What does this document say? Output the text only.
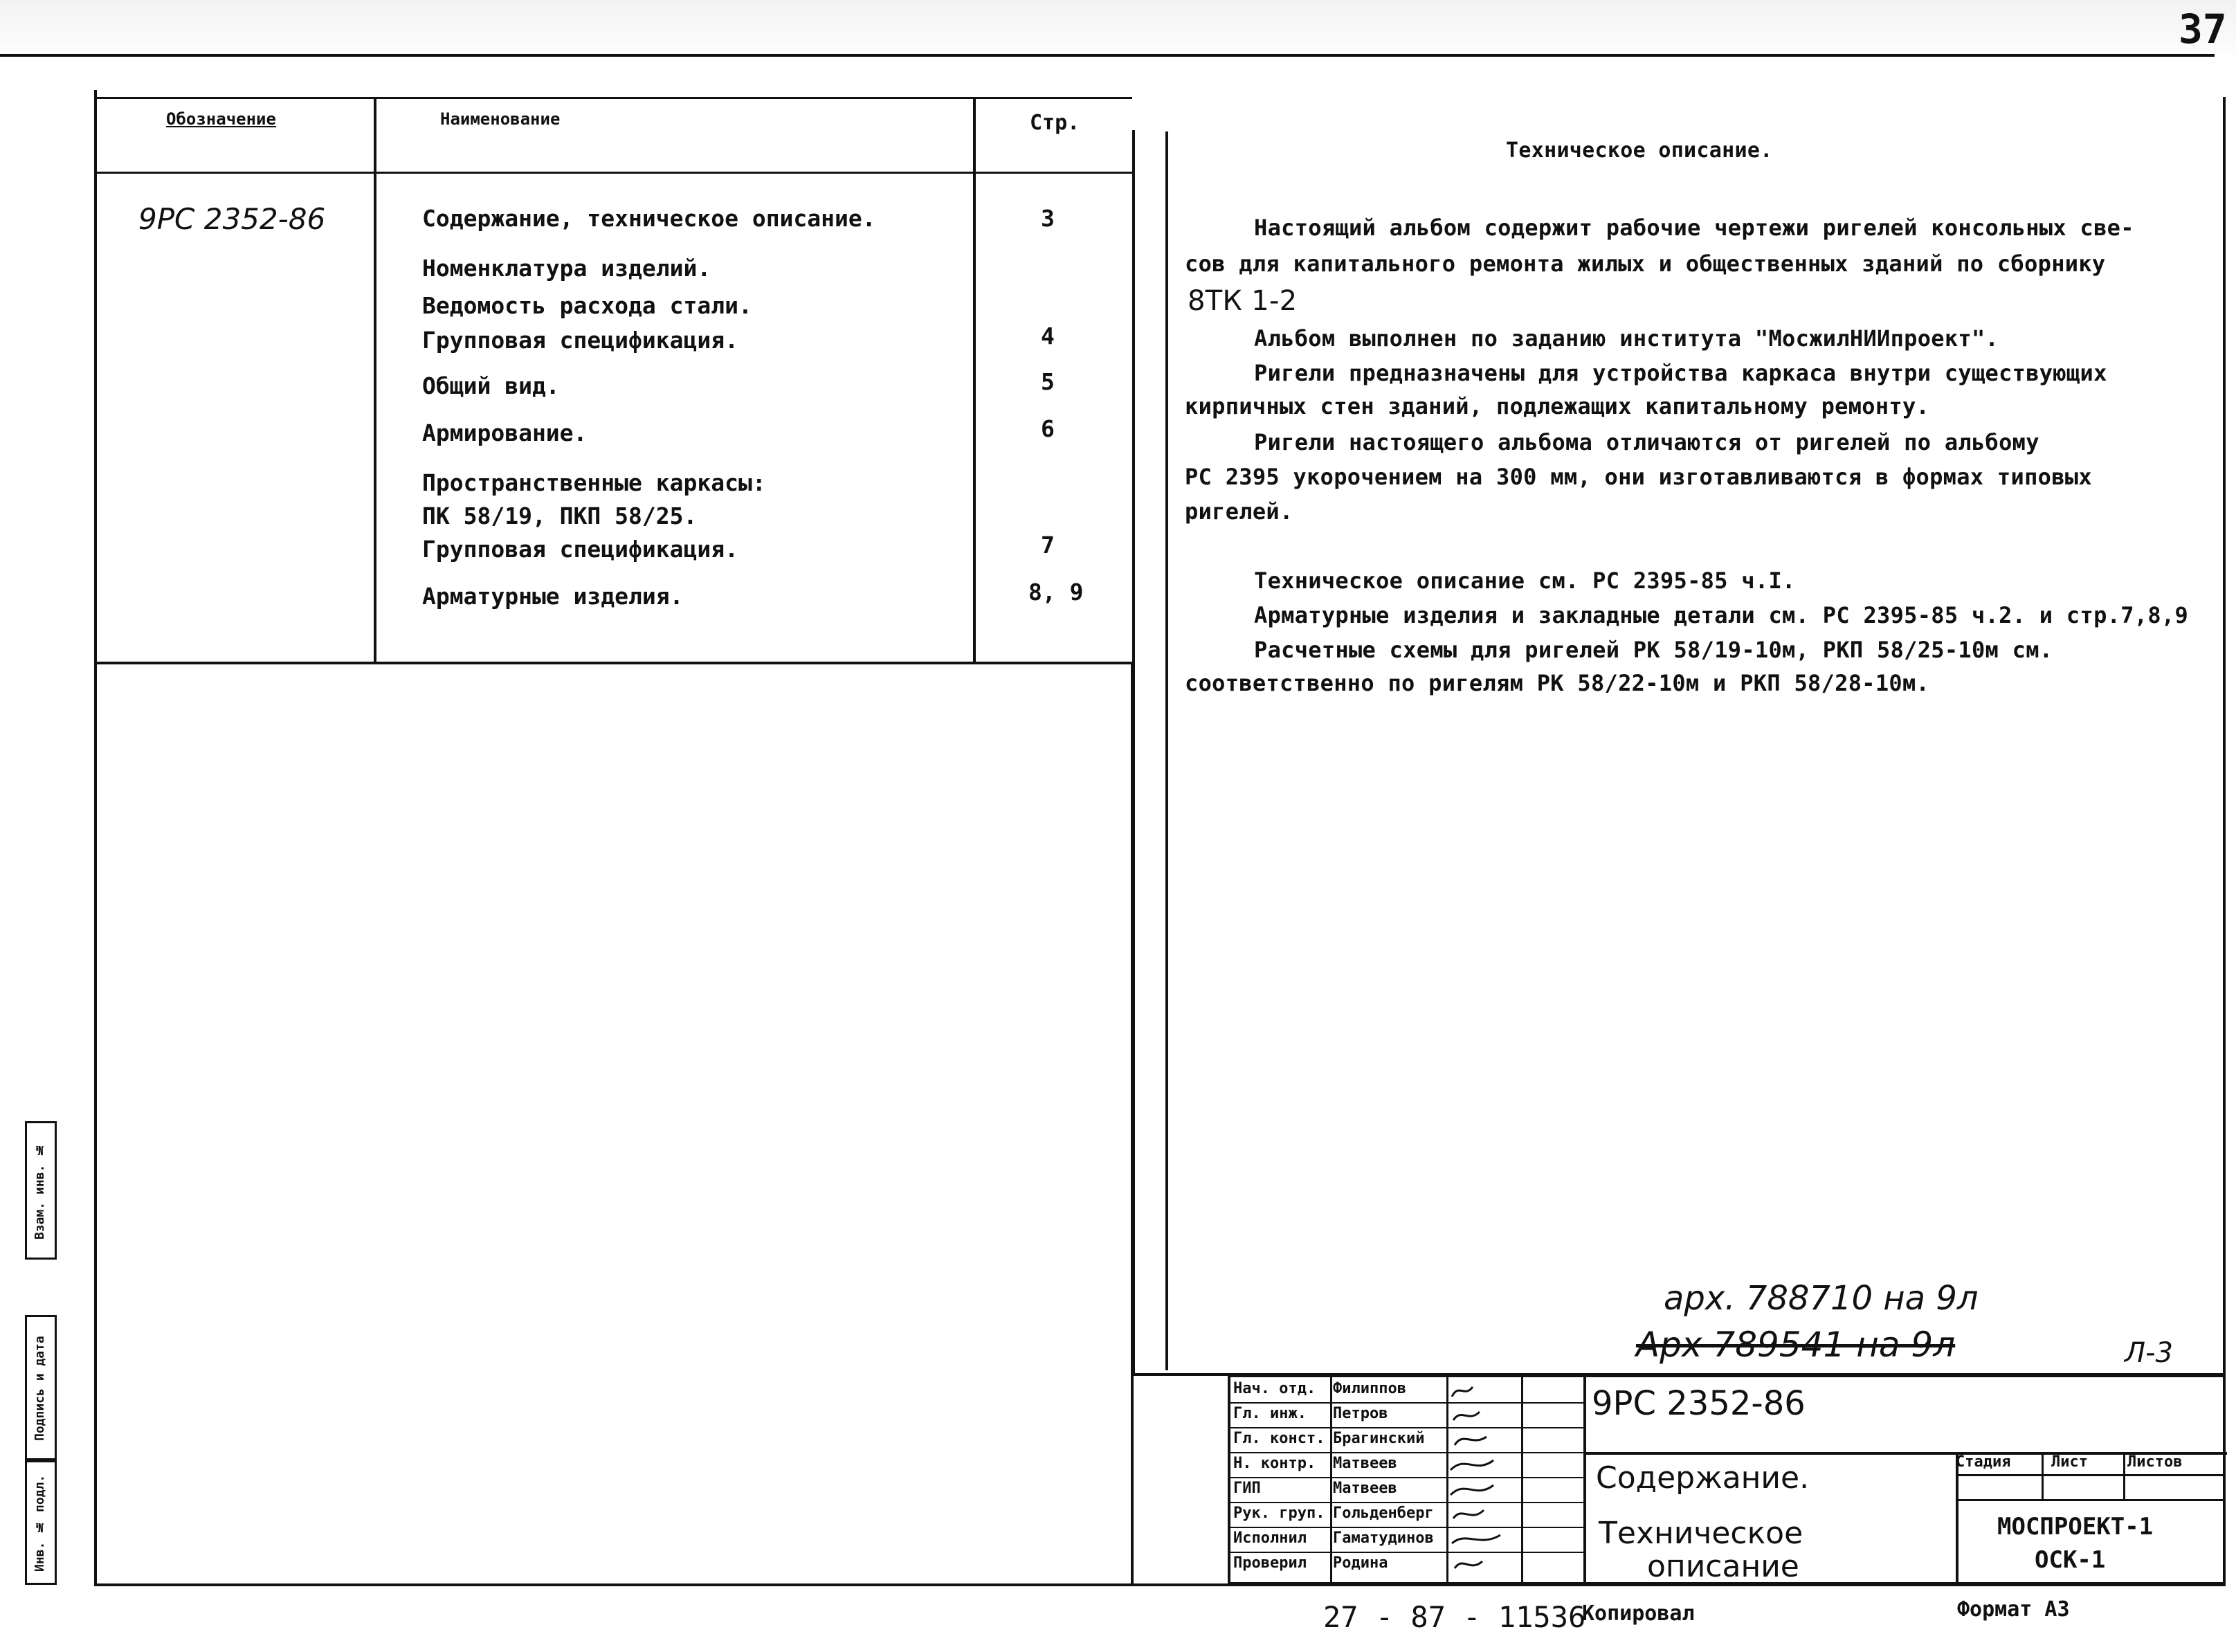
37
Обозначение	Наименование	Стр.
9РС 2352-86	Содержание, техническое описание.	3
Номенклатура изделий.
Ведомость расхода стали.
Групповая спецификация.	4
Общий вид.	5
Армирование.	6
Пространственные каркасы:
ПК 58/19, ПКП 58/25.
Групповая спецификация.	7
Арматурные изделия.	8, 9
Техническое описание.
Настоящий альбом содержит рабочие чертежи ригелей консольных све-
сов для капитального ремонта жилых и общественных зданий по сборнику
8ТК 1-2
Альбом выполнен по заданию института "МосжилНИИпроект".
Ригели предназначены для устройства каркаса внутри существующих
кирпичных стен зданий, подлежащих капитальному ремонту.
Ригели настоящего альбома отличаются от ригелей по альбому
РС 2395 укорочением на 300 мм, они изготавливаются в формах типовых
ригелей.
Техническое описание см. РС 2395-85 ч.I.
Арматурные изделия и закладные детали см. РС 2395-85 ч.2. и стр.7,8,9
Расчетные схемы для ригелей РК 58/19-10м, РКП 58/25-10м см.
соответственно по ригелям РК 58/22-10м и РКП 58/28-10м.
арх. 788710 на 9л
Арх 789541 на 9л	Л-3
Взам. инв. №
Подпись и дата
Инв. № подл.
Нач. отд.	Филиппов
Гл. инж.	Петров
Гл. конст. Брагинский
Н. контр.	Матвеев
ГИП	Матвеев
Рук. груп. Гольденберг
Исполнил	Гаматудинов
Проверил	Родина
9РС 2352-86
Содержание.
Техническое
описание
Стадия	Лист	Листов
МОСПРОЕКТ-1
ОСК-1
27 - 87 - 11536
Копировал	Формат А3
